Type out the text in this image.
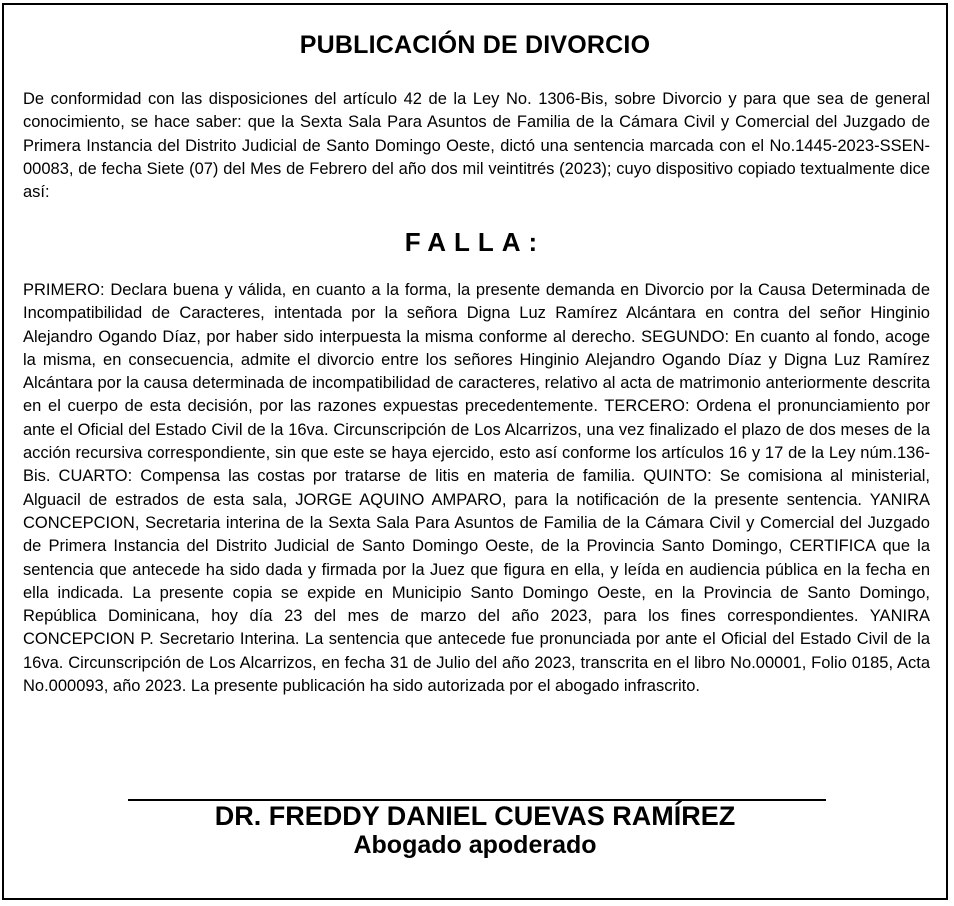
PUBLICACIÓN DE DIVORCIO
De conformidad con las disposiciones del artículo 42 de la Ley No. 1306-Bis, sobre Divorcio y para que sea de general conocimiento, se hace saber: que la Sexta Sala Para Asuntos de Familia de la Cámara Civil y Comercial del Juzgado de Primera Instancia del Distrito Judicial de Santo Domingo Oeste, dictó una sentencia marcada con el No.1445-2023-SSEN-00083, de fecha Siete (07) del Mes de Febrero del año dos mil veintitrés (2023); cuyo dispositivo copiado textualmente dice así:
FALLA:
PRIMERO: Declara buena y válida, en cuanto a la forma, la presente demanda en Divorcio por la Causa Determinada de Incompatibilidad de Caracteres, intentada por la señora Digna Luz Ramírez Alcántara en contra del señor Hinginio Alejandro Ogando Díaz, por haber sido interpuesta la misma conforme al derecho. SEGUNDO: En cuanto al fondo, acoge la misma, en consecuencia, admite el divorcio entre los señores Hinginio Alejandro Ogando Díaz y Digna Luz Ramírez Alcántara por la causa determinada de incompatibilidad de caracteres, relativo al acta de matrimonio anteriormente descrita en el cuerpo de esta decisión, por las razones expuestas precedentemente. TERCERO: Ordena el pronunciamiento por ante el Oficial del Estado Civil de la 16va. Circunscripción de Los Alcarrizos, una vez finalizado el plazo de dos meses de la acción recursiva correspondiente, sin que este se haya ejercido, esto así conforme los artículos 16 y 17 de la Ley núm.136-Bis. CUARTO: Compensa las costas por tratarse de litis en materia de familia. QUINTO: Se comisiona al ministerial, Alguacil de estrados de esta sala, JORGE AQUINO AMPARO, para la notificación de la presente sentencia. YANIRA CONCEPCION, Secretaria interina de la Sexta Sala Para Asuntos de Familia de la Cámara Civil y Comercial del Juzgado de Primera Instancia del Distrito Judicial de Santo Domingo Oeste, de la Provincia Santo Domingo, CERTIFICA que la sentencia que antecede ha sido dada y firmada por la Juez que figura en ella, y leída en audiencia pública en la fecha en ella indicada. La presente copia se expide en Municipio Santo Domingo Oeste, en la Provincia de Santo Domingo, República Dominicana, hoy día 23 del mes de marzo del año 2023, para los fines correspondientes. YANIRA CONCEPCION P. Secretario Interina. La sentencia que antecede fue pronunciada por ante el Oficial del Estado Civil de la 16va. Circunscripción de Los Alcarrizos, en fecha 31 de Julio del año 2023, transcrita en el libro No.00001, Folio 0185, Acta No.000093, año 2023. La presente publicación ha sido autorizada por el abogado infrascrito.
DR. FREDDY DANIEL CUEVAS RAMÍREZ
Abogado apoderado
